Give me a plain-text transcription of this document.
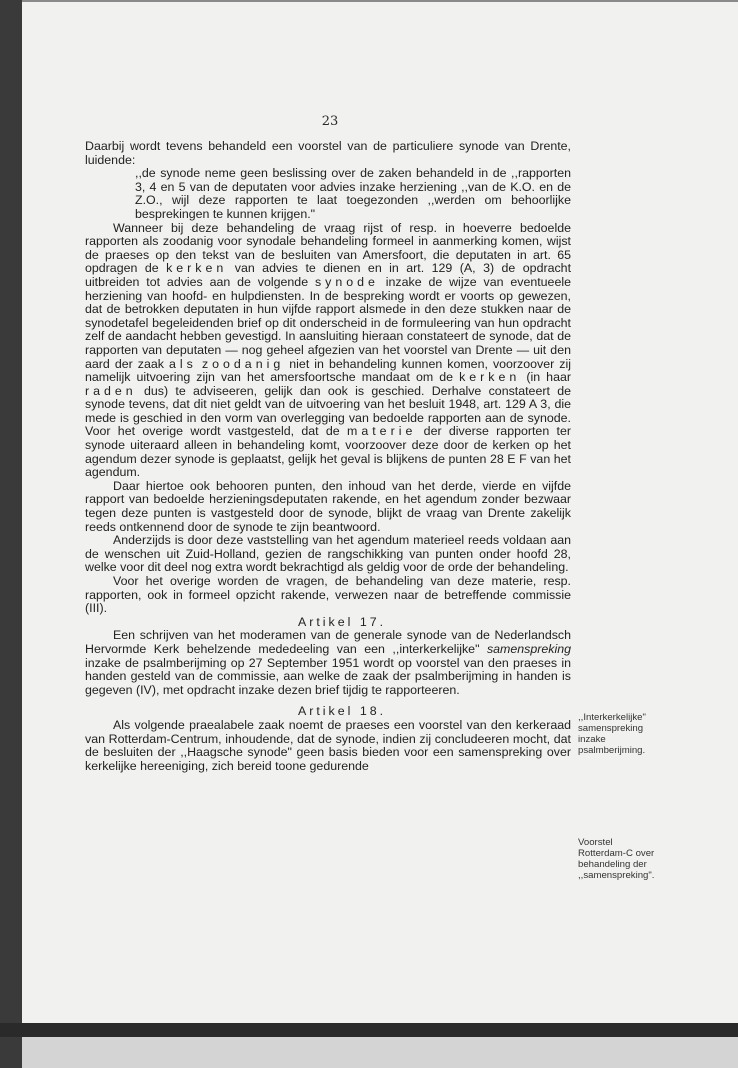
23

Daarbij wordt tevens behandeld een voorstel van de particuliere synode van Drente, luidende:

,,de synode neme geen beslissing over de zaken behandeld in de ,,rapporten 3, 4 en 5 van de deputaten voor advies inzake herziening ,,van de K.O. en de Z.O., wijl deze rapporten te laat toegezonden ,,werden om behoorlijke besprekingen te kunnen krijgen."

Wanneer bij deze behandeling de vraag rijst of resp. in hoeverre bedoelde rapporten als zoodanig voor synodale behandeling formeel in aanmerking komen, wijst de praeses op den tekst van de besluiten van Amersfoort, die deputaten in art. 65 opdragen de kerken van advies te dienen en in art. 129 (A, 3) de opdracht uitbreiden tot advies aan de volgende synode inzake de wijze van eventueele herziening van hoofd- en hulpdiensten. In de bespreking wordt er voorts op gewezen, dat de betrokken deputaten in hun vijfde rapport alsmede in den deze stukken naar de synodetafel begeleidenden brief op dit onderscheid in de formuleering van hun opdracht zelf de aandacht hebben gevestigd. In aansluiting hieraan constateert de synode, dat de rapporten van deputaten — nog geheel afgezien van het voorstel van Drente — uit den aard der zaak als zoodanig niet in behandeling kunnen komen, voorzoover zij namelijk uitvoering zijn van het amersfoortsche mandaat om de kerken (in haar raden dus) te adviseeren, gelijk dan ook is geschied. Derhalve constateert de synode tevens, dat dit niet geldt van de uitvoering van het besluit 1948, art. 129 A 3, die mede is geschied in den vorm van overlegging van bedoelde rapporten aan de synode. Voor het overige wordt vastgesteld, dat de materie der diverse rapporten ter synode uiteraard alleen in behandeling komt, voorzoover deze door de kerken op het agendum dezer synode is geplaatst, gelijk het geval is blijkens de punten 28 E F van het agendum.

Daar hiertoe ook behooren punten, den inhoud van het derde, vierde en vijfde rapport van bedoelde herzieningsdeputaten rakende, en het agendum zonder bezwaar tegen deze punten is vastgesteld door de synode, blijkt de vraag van Drente zakelijk reeds ontkennend door de synode te zijn beantwoord.

Anderzijds is door deze vaststelling van het agendum materieel reeds voldaan aan de wenschen uit Zuid-Holland, gezien de rangschikking van punten onder hoofd 28, welke voor dit deel nog extra wordt bekrachtigd als geldig voor de orde der behandeling.

Voor het overige worden de vragen, de behandeling van deze materie, resp. rapporten, ook in formeel opzicht rakende, verwezen naar de betreffende commissie (III).

Artikel 17.

Een schrijven van het moderamen van de generale synode van de Nederlandsch Hervormde Kerk behelzende mededeeling van een ,,interkerkelijke" samenspreking inzake de psalmberijming op 27 September 1951 wordt op voorstel van den praeses in handen gesteld van de commissie, aan welke de zaak der psalmberijming in handen is gegeven (IV), met opdracht inzake dezen brief tijdig te rapporteeren.

Artikel 18.

Als volgende praealabele zaak noemt de praeses een voorstel van den kerkeraad van Rotterdam-Centrum, inhoudende, dat de synode, indien zij concludeeren mocht, dat de besluiten der ,,Haagsche synode" geen basis bieden voor een samenspreking over kerkelijke hereeniging, zich bereid toone gedurende

,,Interkerkelijke"
samenspreking
inzake
psalmberijming.
Voorstel
Rotterdam-C over
behandeling der
,,samenspreking".
